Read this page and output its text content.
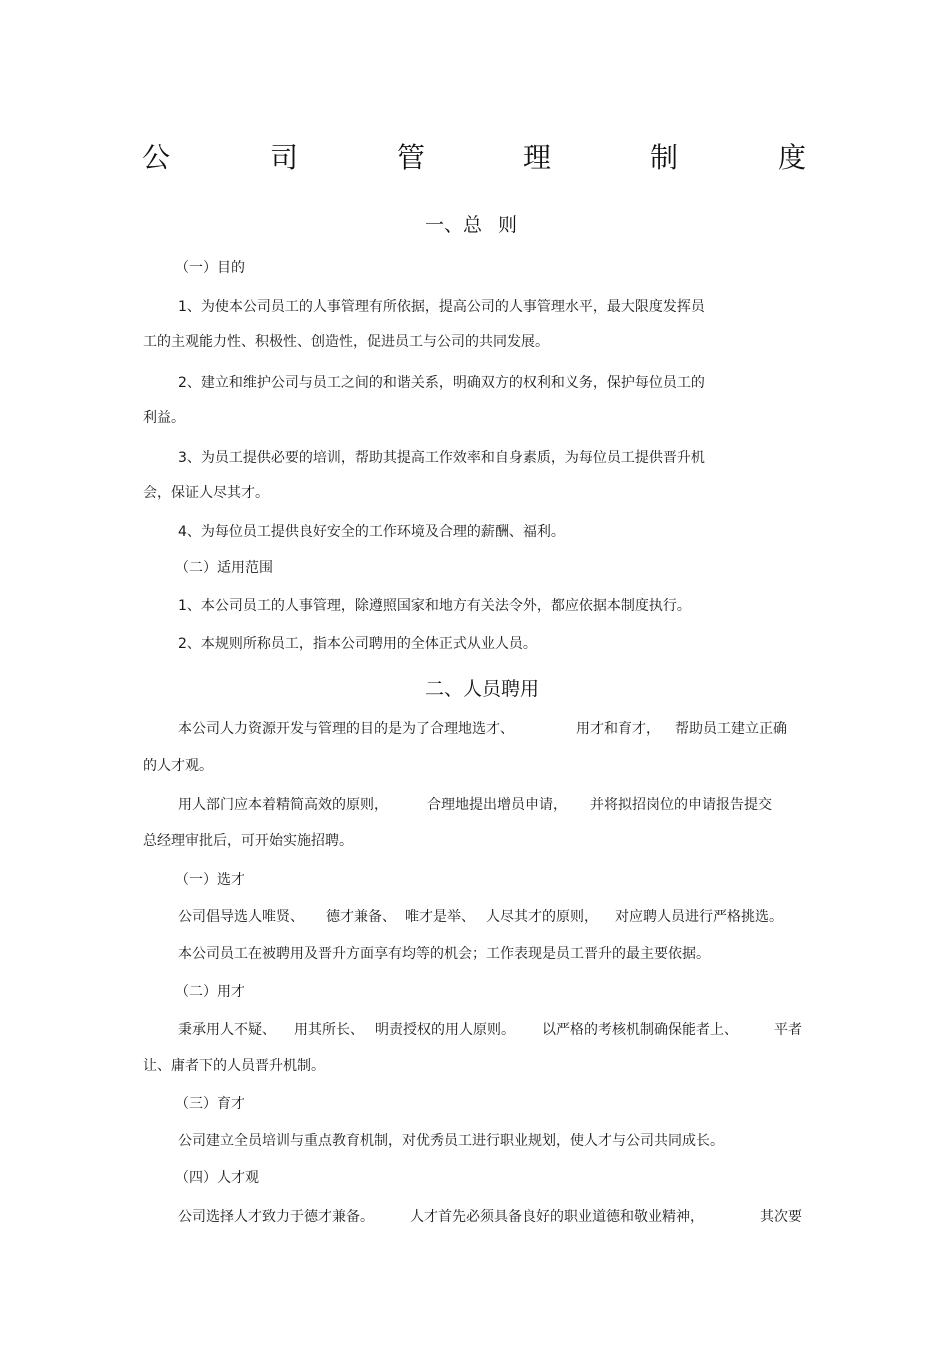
公	司	管	理	制	度
一、总 则
（一）目的
1、为使本公司员工的人事管理有所依据，提高公司的人事管理水平，最大限度发挥员
工的主观能力性、积极性、创造性，促进员工与公司的共同发展。
2、建立和维护公司与员工之间的和谐关系，明确双方的权利和义务，保护每位员工的
利益。
3、为员工提供必要的培训，帮助其提高工作效率和自身素质，为每位员工提供晋升机
会，保证人尽其才。
4、为每位员工提供良好安全的工作环境及合理的薪酬、福利。
（二）适用范围
1、本公司员工的人事管理，除遵照国家和地方有关法令外，都应依据本制度执行。
2、本规则所称员工，指本公司聘用的全体正式从业人员。
二、人员聘用
本公司人力资源开发与管理的目的是为了合理地选才、	用才和育才， 帮助员工建立正确
的人才观。
用人部门应本着精简高效的原则，	合理地提出增员申请， 并将拟招岗位的申请报告提交
总经理审批后，可开始实施招聘。
（一）选才
公司倡导选人唯贤、 德才兼备、 唯才是举、 人尽其才的原则， 对应聘人员进行严格挑选。
本公司员工在被聘用及晋升方面享有均等的机会；工作表现是员工晋升的最主要依据。
（二）用才
秉承用人不疑、 用其所长、 明责授权的用人原则。 以严格的考核机制确保能者上、	平者
让、庸者下的人员晋升机制。
（三）育才
公司建立全员培训与重点教育机制，对优秀员工进行职业规划，使人才与公司共同成长。
（四）人才观
公司选择人才致力于德才兼备。	人才首先必须具备良好的职业道德和敬业精神，	其次要
